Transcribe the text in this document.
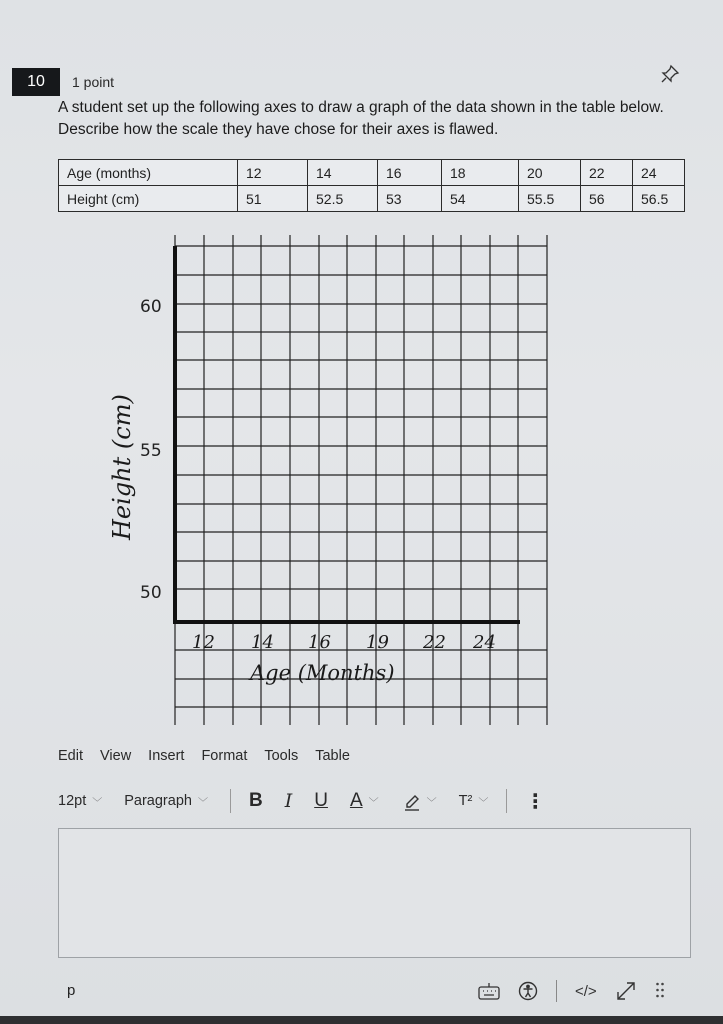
10	1 point
A student set up the following axes to draw a graph of the data shown in the table below. Describe how the scale they have chose for their axes is flawed.
Age (months)	12	14	16	18	20	22	24
Height (cm)	51	52.5	53	54	55.5	56	56.5
60
55
50
12 14 16 19 22 24
Age (Months)
Height (cm)
Edit View Insert Format Tools Table
12pt ﹀ Paragraph ﹀ B I U A ﹀	﹀ T² ﹀ ⋮
p	</>
